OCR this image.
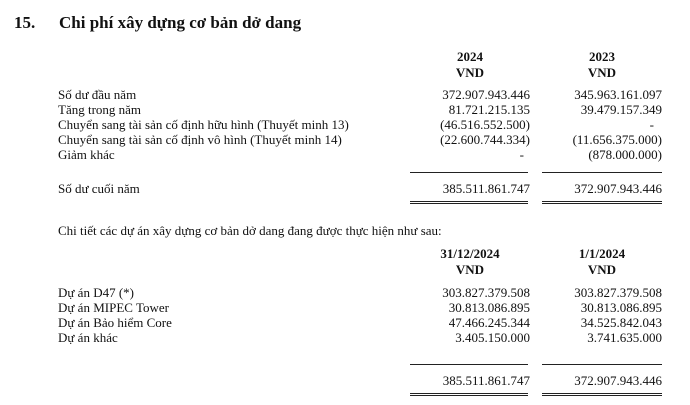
15. Chi phí xây dựng cơ bản dở dang
2024	2023
VND	VND
Số dư đầu năm	372.907.943.446	345.963.161.097
Tăng trong năm	81.721.215.135	39.479.157.349
Chuyển sang tài sản cố định hữu hình (Thuyết minh 13)	(46.516.552.500)	-
Chuyển sang tài sản cố định vô hình (Thuyết minh 14)	(22.600.744.334)	(11.656.375.000)
Giảm khác	-	(878.000.000)
Số dư cuối năm	385.511.861.747	372.907.943.446
Chi tiết các dự án xây dựng cơ bản dở dang đang được thực hiện như sau:
31/12/2024	1/1/2024
VND	VND
Dự án D47 (*)	303.827.379.508	303.827.379.508
Dự án MIPEC Tower	30.813.086.895	30.813.086.895
Dự án Bảo hiểm Core	47.466.245.344	34.525.842.043
Dự án khác	3.405.150.000	3.741.635.000
385.511.861.747	372.907.943.446
